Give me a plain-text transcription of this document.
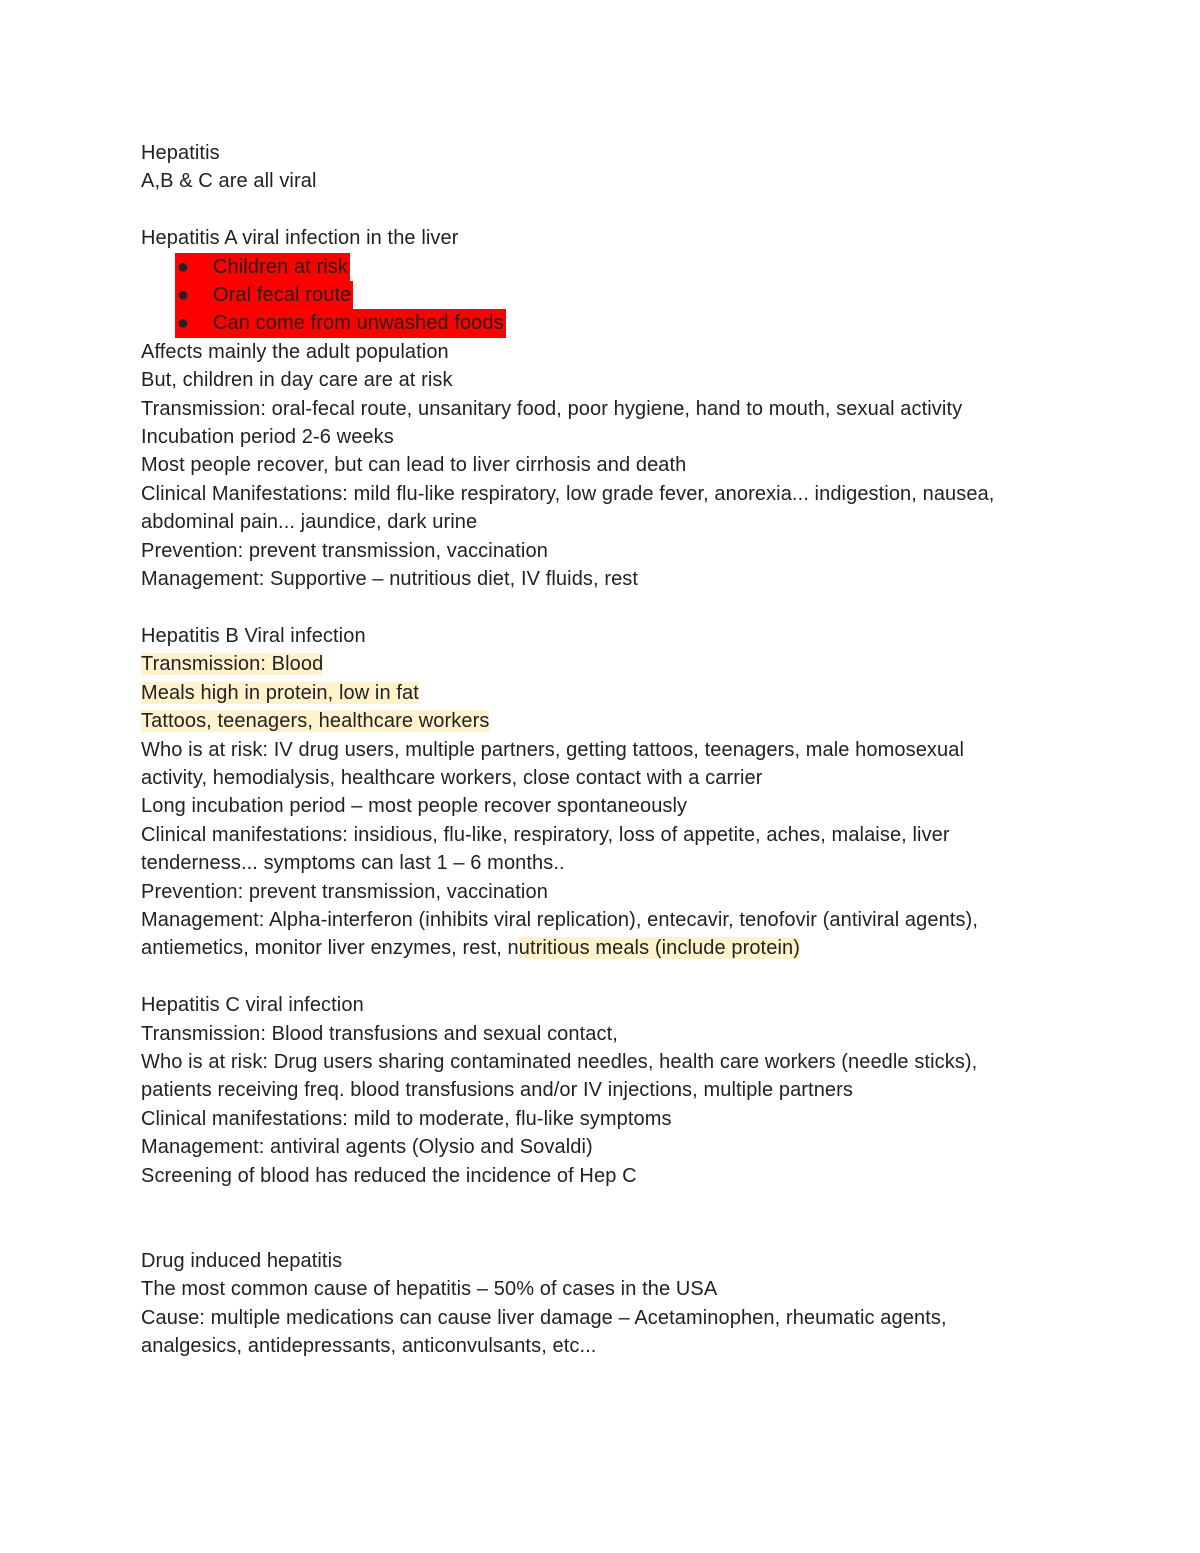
Hepatitis
A,B & C are all viral
Hepatitis A viral infection in the liver
● Children at risk
● Oral fecal route
● Can come from unwashed foods
Affects mainly the adult population
But, children in day care are at risk
Transmission: oral-fecal route, unsanitary food, poor hygiene, hand to mouth, sexual activity
Incubation period 2-6 weeks
Most people recover, but can lead to liver cirrhosis and death
Clinical Manifestations: mild flu-like respiratory, low grade fever, anorexia... indigestion, nausea,
abdominal pain... jaundice, dark urine
Prevention: prevent transmission, vaccination
Management: Supportive – nutritious diet, IV fluids, rest
Hepatitis B Viral infection
Transmission: Blood
Meals high in protein, low in fat
Tattoos, teenagers, healthcare workers
Who is at risk: IV drug users, multiple partners, getting tattoos, teenagers, male homosexual
activity, hemodialysis, healthcare workers, close contact with a carrier
Long incubation period – most people recover spontaneously
Clinical manifestations: insidious, flu-like, respiratory, loss of appetite, aches, malaise, liver
tenderness... symptoms can last 1 – 6 months..
Prevention: prevent transmission, vaccination
Management: Alpha-interferon (inhibits viral replication), entecavir, tenofovir (antiviral agents),
antiemetics, monitor liver enzymes, rest, nutritious meals (include protein)
Hepatitis C viral infection
Transmission: Blood transfusions and sexual contact,
Who is at risk: Drug users sharing contaminated needles, health care workers (needle sticks),
patients receiving freq. blood transfusions and/or IV injections, multiple partners
Clinical manifestations: mild to moderate, flu-like symptoms
Management: antiviral agents (Olysio and Sovaldi)
Screening of blood has reduced the incidence of Hep C
Drug induced hepatitis
The most common cause of hepatitis – 50% of cases in the USA
Cause: multiple medications can cause liver damage – Acetaminophen, rheumatic agents,
analgesics, antidepressants, anticonvulsants, etc...
